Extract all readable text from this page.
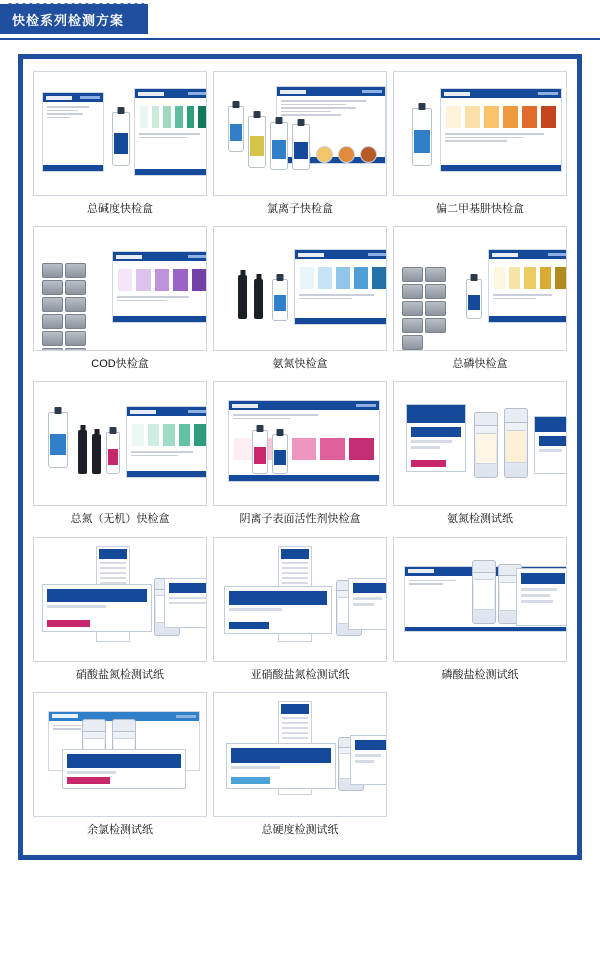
快检系列检测方案
总碱度快检盒	氯离子快检盒	偏二甲基肼快检盒
COD快检盒	氨氮快检盒	总磷快检盒
总氮（无机）快检盒	阴离子表面活性剂快检盒	氨氮检测试纸
硝酸盐氮检测试纸	亚硝酸盐氮检测试纸	磷酸盐检测试纸
余氯检测试纸	总硬度检测试纸
